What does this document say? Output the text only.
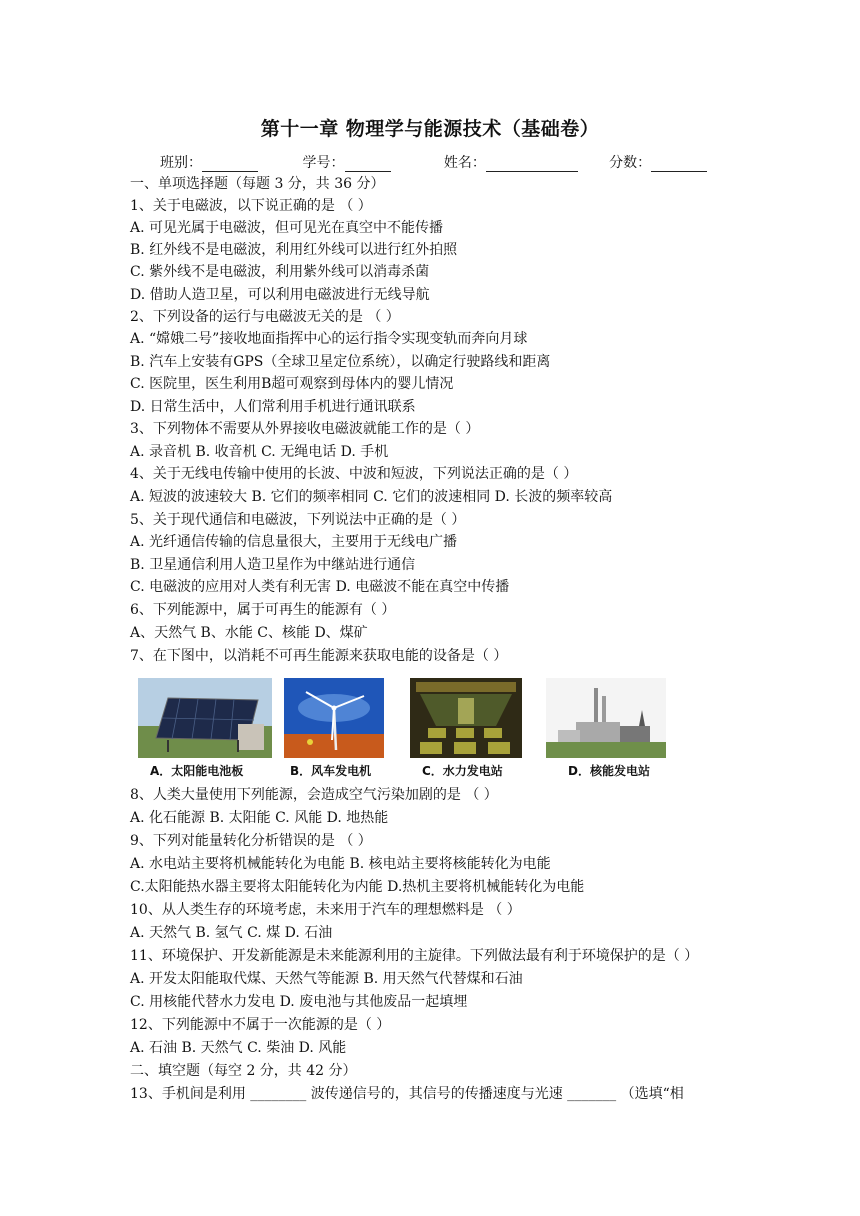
第十一章 物理学与能源技术（基础卷）
班别：	学号：	姓名：	分数：
一、单项选择题（每题 3 分，共 36 分）
1、关于电磁波，以下说正确的是 （ ）
A. 可见光属于电磁波，但可见光在真空中不能传播
B. 红外线不是电磁波，利用红外线可以进行红外拍照
C. 紫外线不是电磁波，利用紫外线可以消毒杀菌
D. 借助人造卫星，可以利用电磁波进行无线导航
2、下列设备的运行与电磁波无关的是 （ ）
A. “嫦娥二号”接收地面指挥中心的运行指令实现变轨而奔向月球
B. 汽车上安装有GPS（全球卫星定位系统），以确定行驶路线和距离
C. 医院里，医生利用B超可观察到母体内的婴儿情况
D. 日常生活中，人们常利用手机进行通讯联系
3、下列物体不需要从外界接收电磁波就能工作的是（ ）
A. 录音机 B. 收音机 C. 无绳电话 D. 手机
4、关于无线电传输中使用的长波、中波和短波，下列说法正确的是（ ）
A. 短波的波速较大 B. 它们的频率相同 C. 它们的波速相同 D. 长波的频率较高
5、关于现代通信和电磁波，下列说法中正确的是（ ）
A. 光纤通信传输的信息量很大，主要用于无线电广播
B. 卫星通信利用人造卫星作为中继站进行通信
C. 电磁波的应用对人类有利无害 D. 电磁波不能在真空中传播
6、下列能源中，属于可再生的能源有（ ）
A、天然气 B、水能 C、核能 D、煤矿
7、在下图中，以消耗不可再生能源来获取电能的设备是（ ）
A．太阳能电池板	B．风车发电机	C．水力发电站	D．核能发电站
8、人类大量使用下列能源，会造成空气污染加剧的是 （ ）
A. 化石能源 B. 太阳能 C. 风能 D. 地热能
9、下列对能量转化分析错误的是 （ ）
A. 水电站主要将机械能转化为电能 B. 核电站主要将核能转化为电能
C.太阳能热水器主要将太阳能转化为内能 D.热机主要将机械能转化为电能
10、从人类生存的环境考虑，未来用于汽车的理想燃料是 （ ）
A. 天然气 B. 氢气 C. 煤 D. 石油
11、环境保护、开发新能源是未来能源利用的主旋律。下列做法最有利于环境保护的是（ ）
A. 开发太阳能取代煤、天然气等能源 B. 用天然气代替煤和石油
C. 用核能代替水力发电 D. 废电池与其他废品一起填埋
12、下列能源中不属于一次能源的是（ ）
A. 石油 B. 天然气 C. 柴油 D. 风能
二、填空题（每空 2 分，共 42 分）
13、手机间是利用 ________ 波传递信号的，其信号的传播速度与光速 _______ （选填“相
